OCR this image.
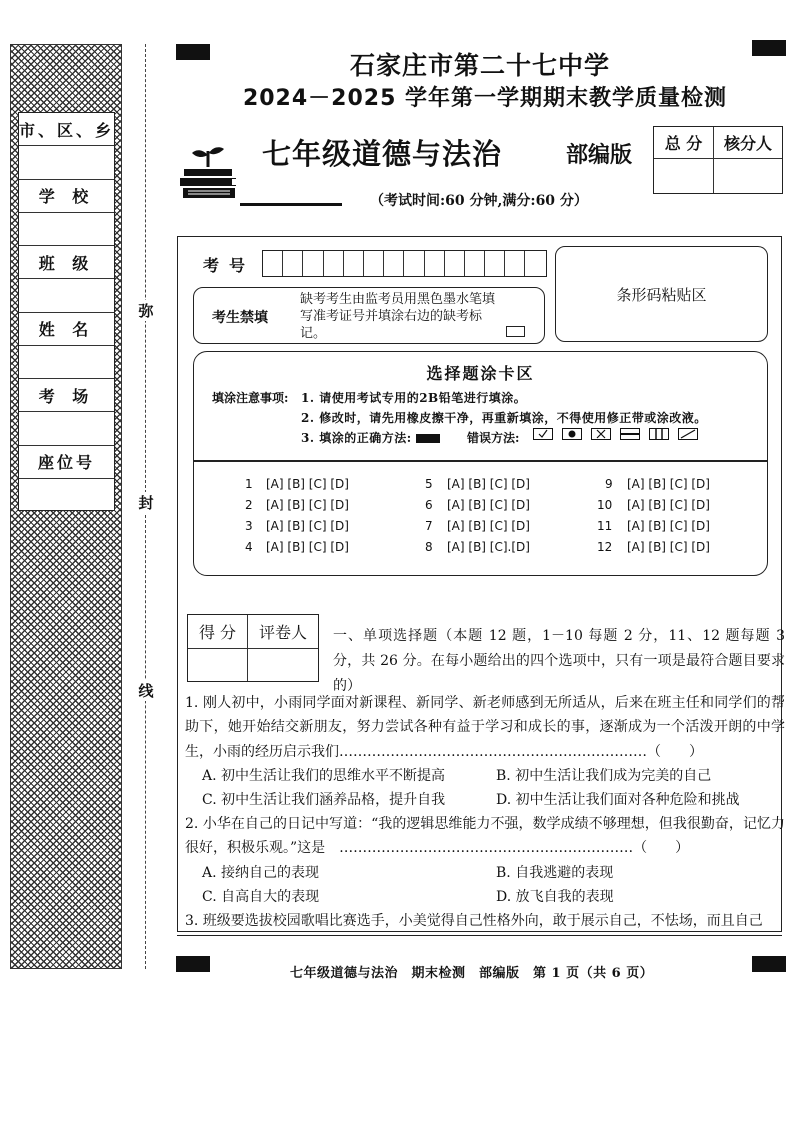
市、区、乡
学 校
班 级
姓 名
考 场
座位号
弥
封
线
石家庄市第二十七中学
2024－2025 学年第一学期期末教学质量检测
七年级道德与法治	部编版
（考试时间:60 分钟,满分:60 分）
总 分	核分人
考号
考生禁填
缺考考生由监考员用黑色墨水笔填写准考证号并填涂右边的缺考标记。
条形码粘贴区
选择题涂卡区
填涂注意事项: 1. 请使用考试专用的2B铅笔进行填涂。
2. 修改时，请先用橡皮擦干净，再重新填涂，不得使用修正带或涂改液。
3. 填涂的正确方法:	错误方法:
1 [A] [B] [C] [D]
2 [A] [B] [C] [D]
3 [A] [B] [C] [D]
4 [A] [B] [C] [D]
5 [A] [B] [C] [D]
6 [A] [B] [C] [D]
7 [A] [B] [C] [D]
8 [A] [B] [C].[D]
9 [A] [B] [C] [D]
10 [A] [B] [C] [D]
11 [A] [B] [C] [D]
12 [A] [B] [C] [D]
得 分	评卷人	一、单项选择题（本题 12 题，1－10 每题 2 分，11、12 题每题 3 分，共 26 分。在每小题给出的四个选项中，只有一项是最符合题目要求的）
1. 刚人初中，小雨同学面对新课程、新同学、新老师感到无所适从，后来在班主任和同学们的帮助下，她开始结交新朋友，努力尝试各种有益于学习和成长的事，逐渐成为一个活泼开朗的中学生，小雨的经历启示我们…………………………………………………………（　　）
A. 初中生活让我们的思维水平不断提高	B. 初中生活让我们成为完美的自己
C. 初中生活让我们涵养品格，提升自我	D. 初中生活让我们面对各种危险和挑战
2. 小华在自己的日记中写道：“我的逻辑思维能力不强，数学成绩不够理想，但我很勤奋，记忆力很好，积极乐观。”这是　………………………………………………………（　　）
A. 接纳自己的表现	B. 自我逃避的表现
C. 自高自大的表现	D. 放飞自我的表现
3. 班级要选拔校园歌唱比赛选手，小美觉得自己性格外向，敢于展示自己，不怯场，而且自己
七年级道德与法治　期末检测　部编版　第 1 页（共 6 页）
